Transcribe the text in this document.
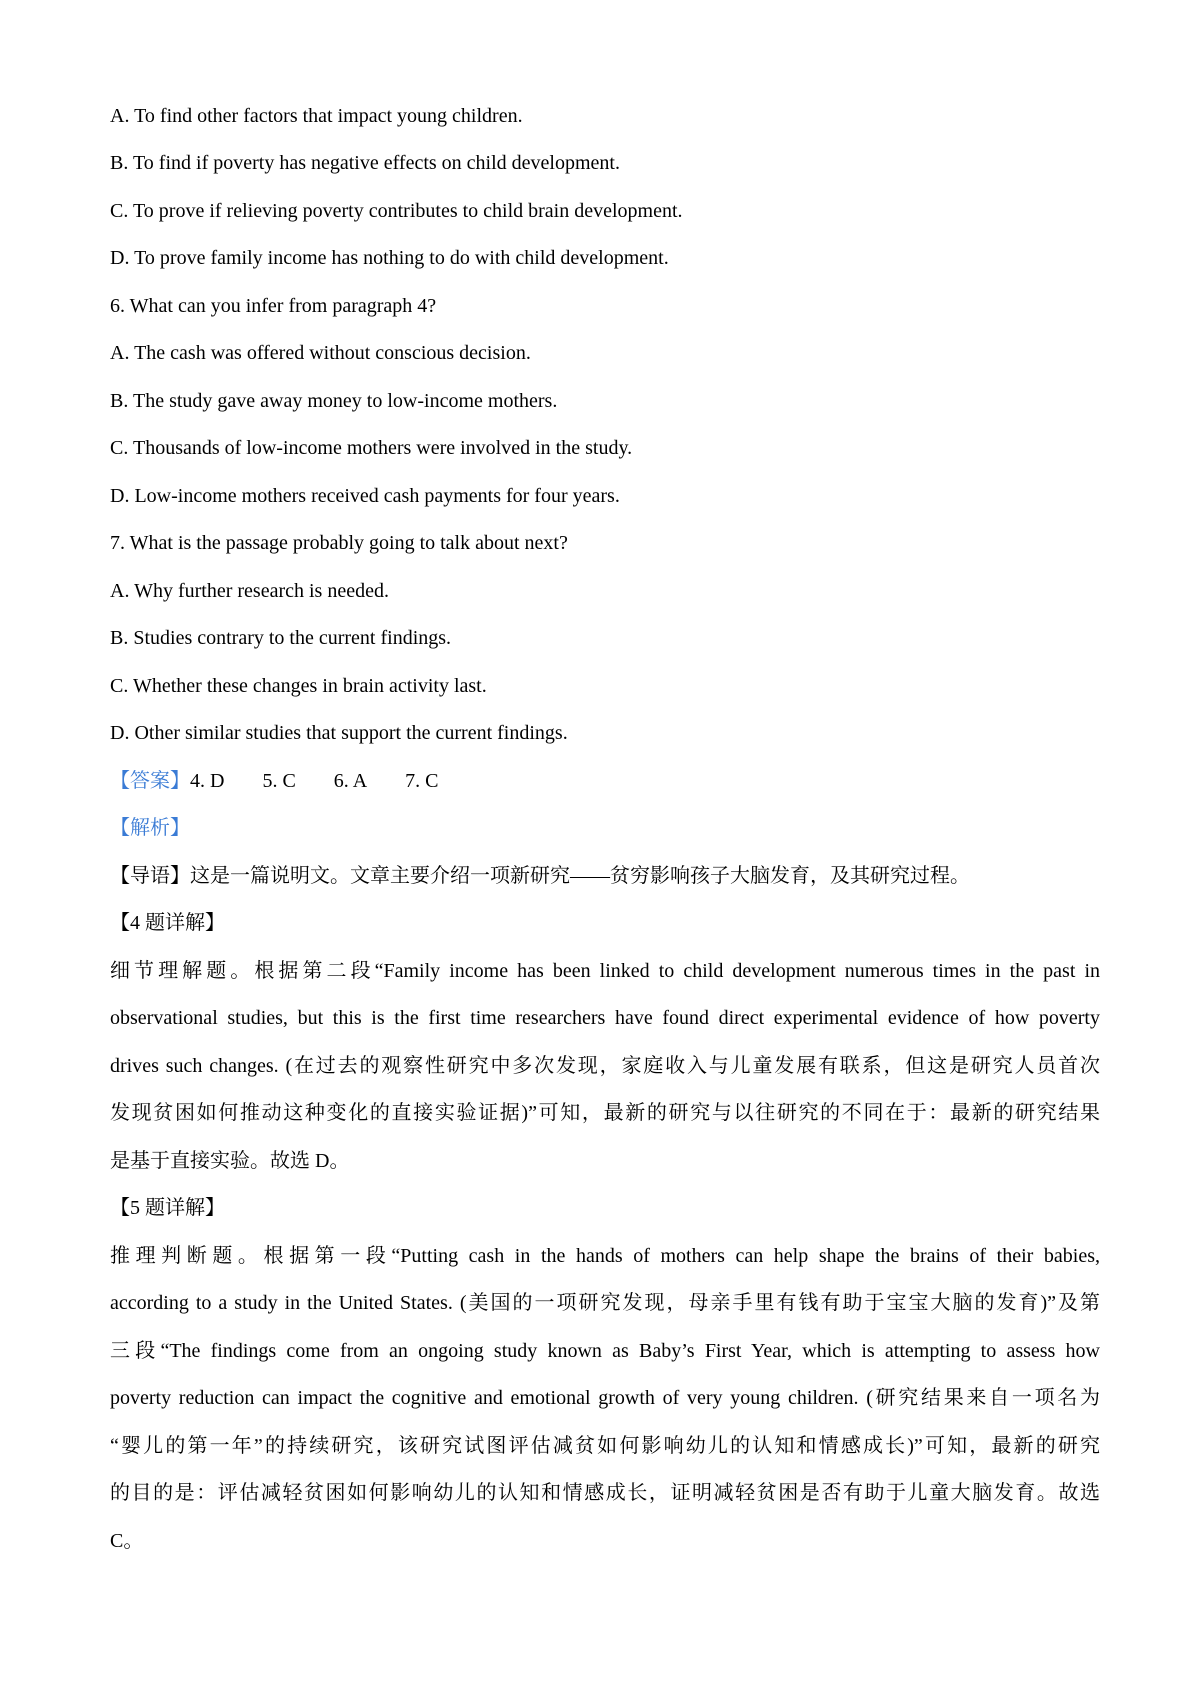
A. To find other factors that impact young children.
B. To find if poverty has negative effects on child development.
C. To prove if relieving poverty contributes to child brain development.
D. To prove family income has nothing to do with child development.
6. What can you infer from paragraph 4?
A. The cash was offered without conscious decision.
B. The study gave away money to low-income mothers.
C. Thousands of low-income mothers were involved in the study.
D. Low-income mothers received cash payments for four years.
7. What is the passage probably going to talk about next?
A. Why further research is needed.
B. Studies contrary to the current findings.
C. Whether these changes in brain activity last.
D. Other similar studies that support the current findings.
【答案】4. D 5. C 6. A 7. C
【解析】
【导语】这是一篇说明文。文章主要介绍一项新研究——贫穷影响孩子大脑发育，及其研究过程。
【4 题详解】
细节理解题。根据第二段“Family income has been linked to child development numerous times in the past in
observational studies, but this is the first time researchers have found direct experimental evidence of how poverty
drives such changes. (在过去的观察性研究中多次发现，家庭收入与儿童发展有联系，但这是研究人员首次
发现贫困如何推动这种变化的直接实验证据)”可知，最新的研究与以往研究的不同在于：最新的研究结果
是基于直接实验。故选 D。
【5 题详解】
推理判断题。根据第一段“Putting cash in the hands of mothers can help shape the brains of their babies,
according to a study in the United States. (美国的一项研究发现，母亲手里有钱有助于宝宝大脑的发育)”及第
三段“The findings come from an ongoing study known as Baby’s First Year, which is attempting to assess how
poverty reduction can impact the cognitive and emotional growth of very young children. (研究结果来自一项名为
“婴儿的第一年”的持续研究，该研究试图评估减贫如何影响幼儿的认知和情感成长)”可知，最新的研究
的目的是：评估减轻贫困如何影响幼儿的认知和情感成长，证明减轻贫困是否有助于儿童大脑发育。故选
C。
